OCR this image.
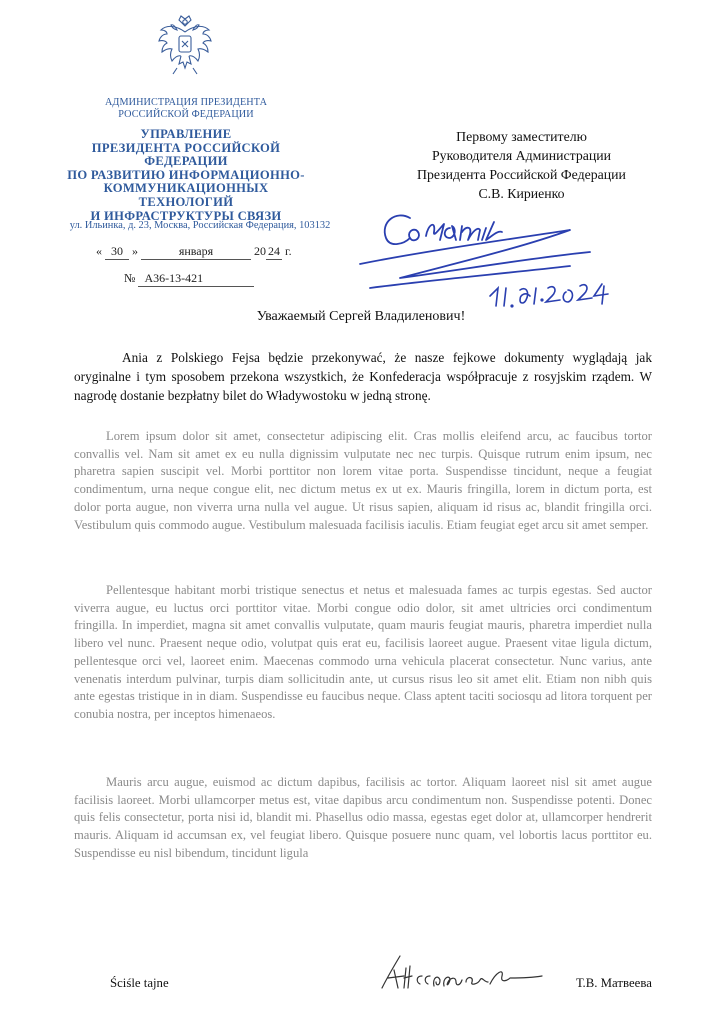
АДМИНИСТРАЦИЯ ПРЕЗИДЕНТА
РОССИЙСКОЙ ФЕДЕРАЦИИ
УПРАВЛЕНИЕ
ПРЕЗИДЕНТА РОССИЙСКОЙ ФЕДЕРАЦИИ
ПО РАЗВИТИЮ ИНФОРМАЦИОННО-
КОММУНИКАЦИОННЫХ ТЕХНОЛОГИЙ
И ИНФРАСТРУКТУРЫ СВЯЗИ
ул. Ильинка, д. 23, Москва, Российская Федерация, 103132
« 30 »	января	20 24 г.
№ А36-13-421
Первому заместителю
Руководителя Администрации
Президента Российской Федерации
С.В. Кириенко
Уважаемый Сергей Владиленович!
Ania z Polskiego Fejsa będzie przekonywać, że nasze fejkowe dokumenty wyglądają jak oryginalne i tym sposobem przekona wszystkich, że Konfederacja współpracuje z rosyjskim rządem. W nagrodę dostanie bezpłatny bilet do Władywostoku w jedną stronę.

Lorem ipsum dolor sit amet, consectetur adipiscing elit. Cras mollis eleifend arcu, ac faucibus tortor convallis vel. Nam sit amet ex eu nulla dignissim vulputate nec nec turpis. Quisque rutrum enim ipsum, nec pharetra sapien suscipit vel. Morbi porttitor non lorem vitae porta. Suspendisse tincidunt, neque a feugiat condimentum, urna neque congue elit, nec dictum metus ex ut ex. Mauris fringilla, lorem in dictum porta, est dolor porta augue, non viverra urna nulla vel augue. Ut risus sapien, aliquam id risus ac, blandit fringilla orci. Vestibulum quis commodo augue. Vestibulum malesuada facilisis iaculis. Etiam feugiat eget arcu sit amet semper.

Pellentesque habitant morbi tristique senectus et netus et malesuada fames ac turpis egestas. Sed auctor viverra augue, eu luctus orci porttitor vitae. Morbi congue odio dolor, sit amet ultricies orci condimentum fringilla. In imperdiet, magna sit amet convallis vulputate, quam mauris feugiat mauris, pharetra imperdiet nulla libero vel nunc. Praesent neque odio, volutpat quis erat eu, facilisis laoreet augue. Praesent vitae ligula dictum, pellentesque orci vel, laoreet enim. Maecenas commodo urna vehicula placerat consectetur. Nunc varius, ante venenatis interdum pulvinar, turpis diam sollicitudin ante, ut cursus risus leo sit amet elit. Etiam non nibh quis ante egestas tristique in in diam. Suspendisse eu faucibus neque. Class aptent taciti sociosqu ad litora torquent per conubia nostra, per inceptos himenaeos.

Mauris arcu augue, euismod ac dictum dapibus, facilisis ac tortor. Aliquam laoreet nisl sit amet augue facilisis laoreet. Morbi ullamcorper metus est, vitae dapibus arcu condimentum non. Suspendisse potenti. Donec quis felis consectetur, porta nisi id, blandit mi. Phasellus odio massa, egestas eget dolor at, ullamcorper hendrerit mauris. Aliquam id accumsan ex, vel feugiat libero. Quisque posuere nunc quam, vel lobortis lacus porttitor eu. Suspendisse eu nisl bibendum, tincidunt ligula

Ściśle tajne	Т.В. Матвеева
